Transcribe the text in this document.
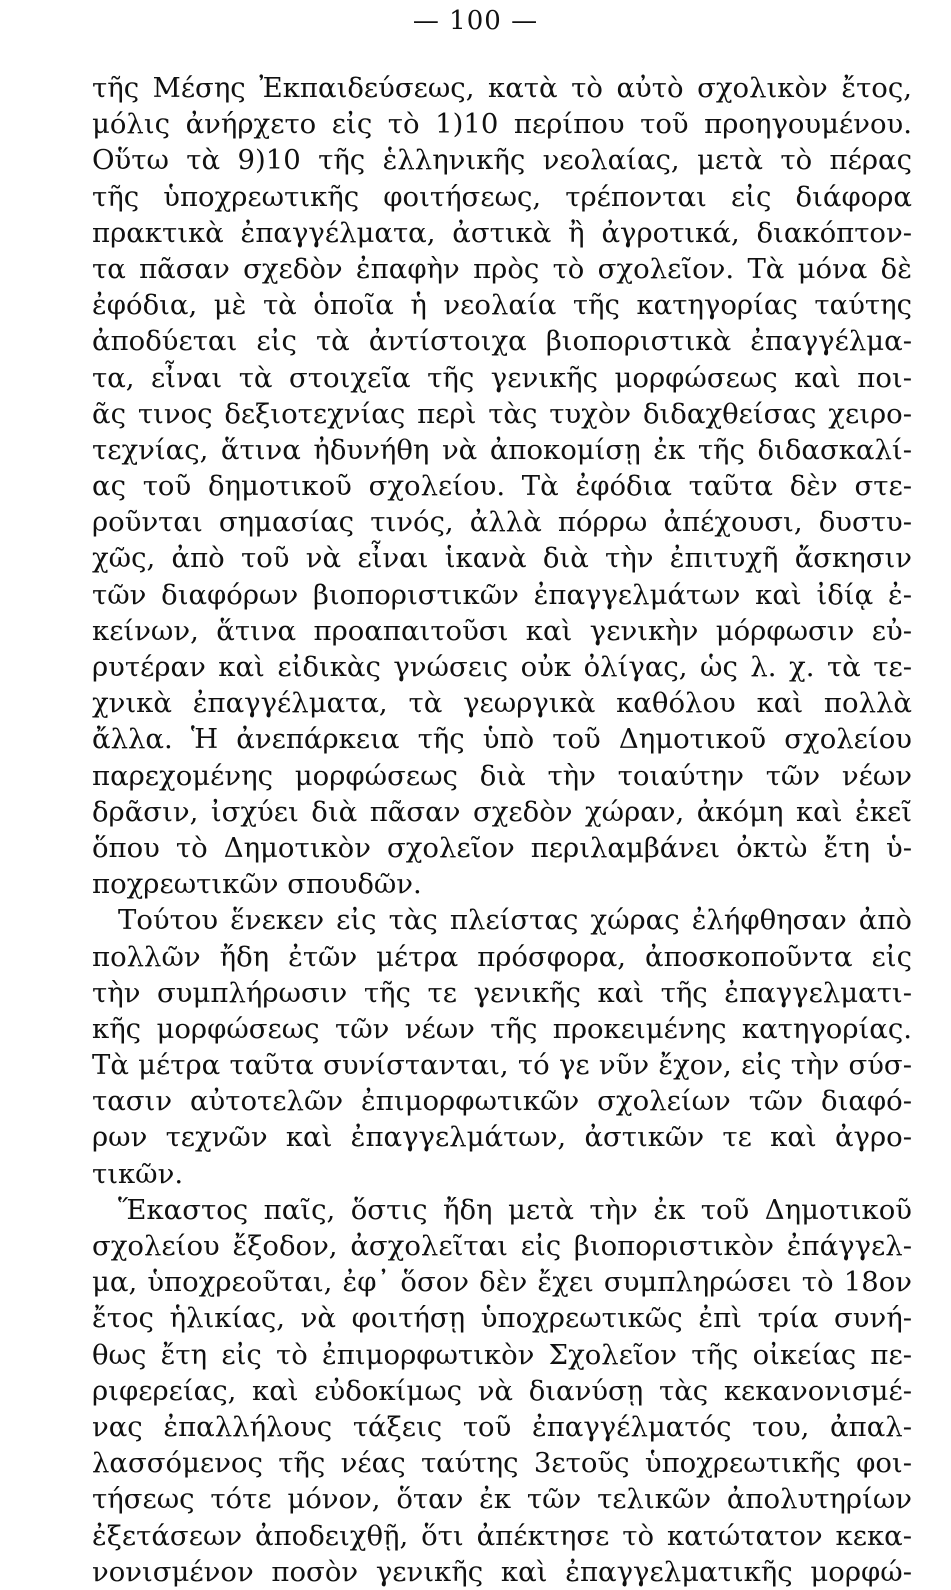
— 100 —
τῆς Μέσης Ἐκπαιδεύσεως, κατὰ τὸ αὐτὸ σχολικὸν ἔτος,
μόλις ἀνήρχετο εἰς τὸ 1)10 περίπου τοῦ προηγουμένου.
Οὕτω τὰ 9)10 τῆς ἑλληνικῆς νεολαίας, μετὰ τὸ πέρας
τῆς ὑποχρεωτικῆς φοιτήσεως, τρέπονται εἰς διάφορα
πρακτικὰ ἐπαγγέλματα, ἀστικὰ ἢ ἀγροτικά, διακόπτον-
τα πᾶσαν σχεδὸν ἐπαφὴν πρὸς τὸ σχολεῖον. Τὰ μόνα δὲ
ἐφόδια, μὲ τὰ ὁποῖα ἡ νεολαία τῆς κατηγορίας ταύτης
ἀποδύεται εἰς τὰ ἀντίστοιχα βιοποριστικὰ ἐπαγγέλμα-
τα, εἶναι τὰ στοιχεῖα τῆς γενικῆς μορφώσεως καὶ ποι-
ᾶς τινος δεξιοτεχνίας περὶ τὰς τυχὸν διδαχθείσας χειρο-
τεχνίας, ἅτινα ἠδυνήθη νὰ ἀποκομίσῃ ἐκ τῆς διδασκαλί-
ας τοῦ δημοτικοῦ σχολείου. Τὰ ἐφόδια ταῦτα δὲν στε-
ροῦνται σημασίας τινός, ἀλλὰ πόρρω ἀπέχουσι, δυστυ-
χῶς, ἀπὸ τοῦ νὰ εἶναι ἱκανὰ διὰ τὴν ἐπιτυχῆ ἄσκησιν
τῶν διαφόρων βιοποριστικῶν ἐπαγγελμάτων καὶ ἰδίᾳ ἐ-
κείνων, ἅτινα προαπαιτοῦσι καὶ γενικὴν μόρφωσιν εὐ-
ρυτέραν καὶ εἰδικὰς γνώσεις οὐκ ὀλίγας, ὡς λ. χ. τὰ τε-
χνικὰ ἐπαγγέλματα, τὰ γεωργικὰ καθόλου καὶ πολλὰ
ἄλλα. Ἡ ἀνεπάρκεια τῆς ὑπὸ τοῦ Δημοτικοῦ σχολείου
παρεχομένης μορφώσεως διὰ τὴν τοιαύτην τῶν νέων
δρᾶσιν, ἰσχύει διὰ πᾶσαν σχεδὸν χώραν, ἀκόμη καὶ ἐκεῖ
ὅπου τὸ Δημοτικὸν σχολεῖον περιλαμβάνει ὀκτὼ ἔτη ὑ-
ποχρεωτικῶν σπουδῶν.
Τούτου ἕνεκεν εἰς τὰς πλείστας χώρας ἐλήφθησαν ἀπὸ
πολλῶν ἤδη ἐτῶν μέτρα πρόσφορα, ἀποσκοποῦντα εἰς
τὴν συμπλήρωσιν τῆς τε γενικῆς καὶ τῆς ἐπαγγελματι-
κῆς μορφώσεως τῶν νέων τῆς προκειμένης κατηγορίας.
Τὰ μέτρα ταῦτα συνίστανται, τό γε νῦν ἔχον, εἰς τὴν σύσ-
τασιν αὐτοτελῶν ἐπιμορφωτικῶν σχολείων τῶν διαφό-
ρων τεχνῶν καὶ ἐπαγγελμάτων, ἀστικῶν τε καὶ ἀγρο-
τικῶν.
Ἕκαστος παῖς, ὅστις ἤδη μετὰ τὴν ἐκ τοῦ Δημοτικοῦ
σχολείου ἔξοδον, ἀσχολεῖται εἰς βιοποριστικὸν ἐπάγγελ-
μα, ὑποχρεοῦται, ἐφ᾽ ὅσον δὲν ἔχει συμπληρώσει τὸ 18ον
ἔτος ἡλικίας, νὰ φοιτήσῃ ὑποχρεωτικῶς ἐπὶ τρία συνή-
θως ἔτη εἰς τὸ ἐπιμορφωτικὸν Σχολεῖον τῆς οἰκείας πε-
ριφερείας, καὶ εὐδοκίμως νὰ διανύσῃ τὰς κεκανονισμέ-
νας ἐπαλλήλους τάξεις τοῦ ἐπαγγέλματός του, ἀπαλ-
λασσόμενος τῆς νέας ταύτης 3ετοῦς ὑποχρεωτικῆς φοι-
τήσεως τότε μόνον, ὅταν ἐκ τῶν τελικῶν ἀπολυτηρίων
ἐξετάσεων ἀποδειχθῇ, ὅτι ἀπέκτησε τὸ κατώτατον κεκα-
νονισμένον ποσὸν γενικῆς καὶ ἐπαγγελματικῆς μορφώ-
